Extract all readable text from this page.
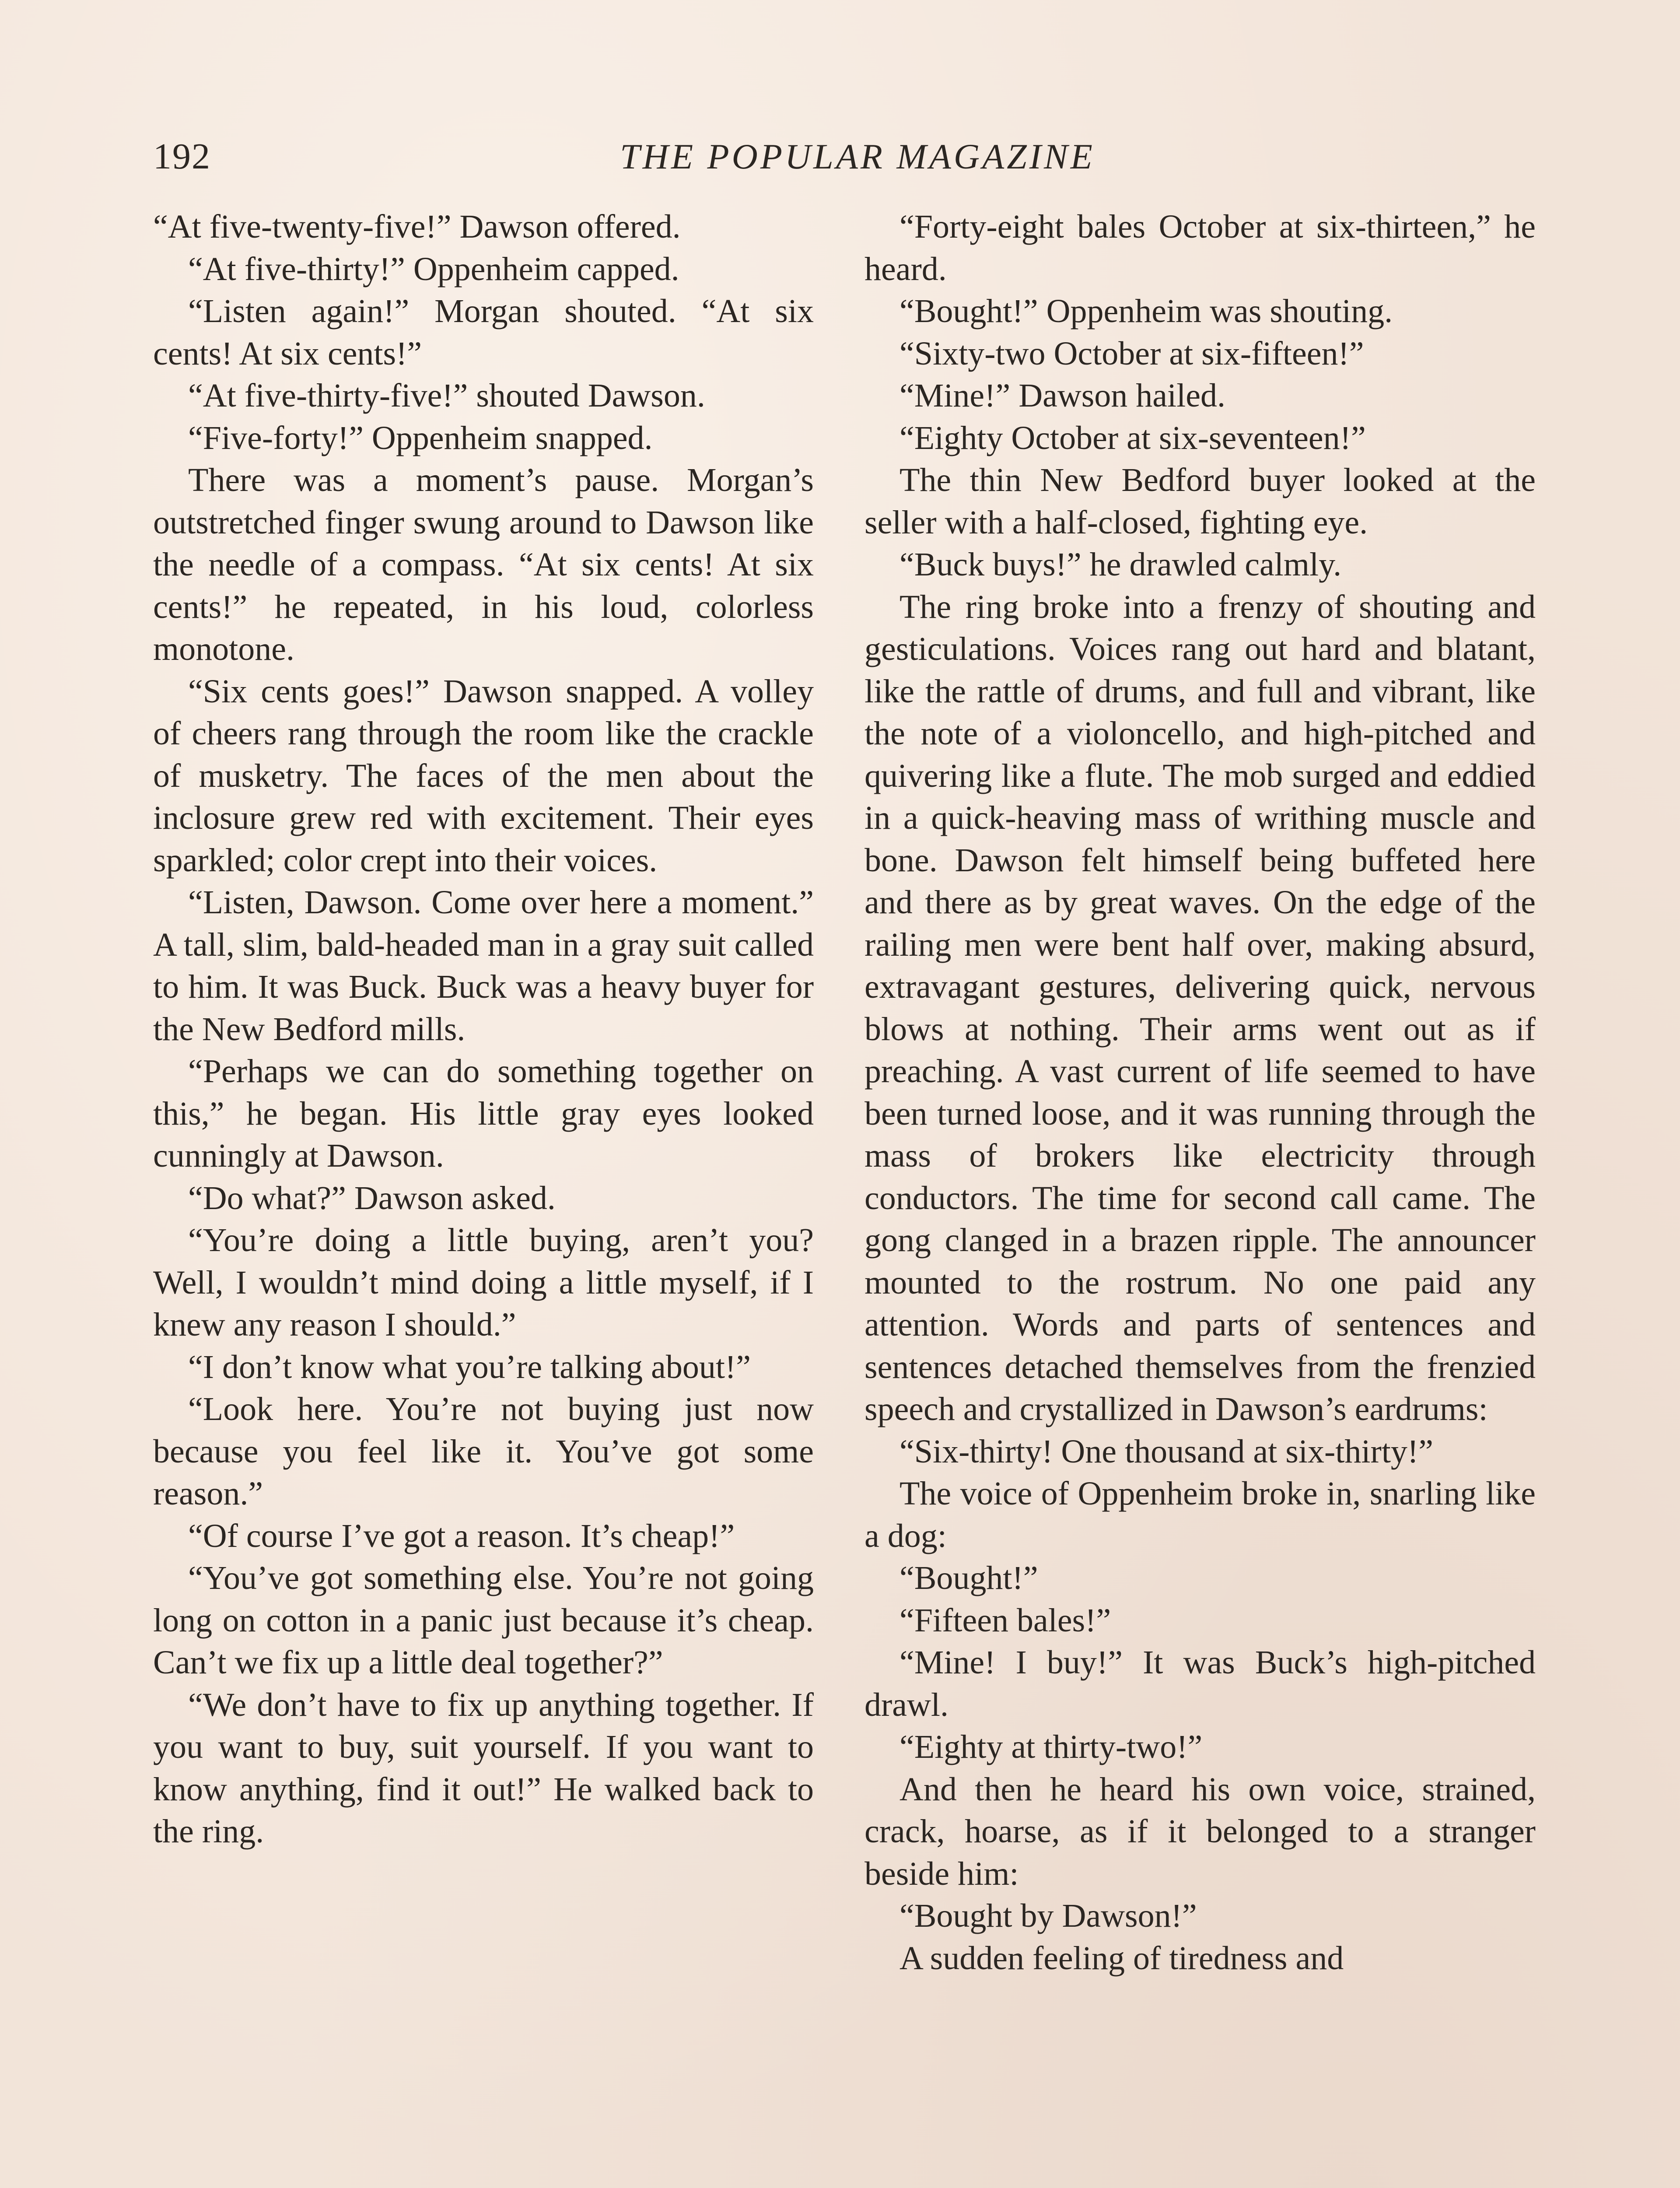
192	THE POPULAR MAGAZINE

“At five-twenty-five!” Dawson offered.

“At five-thirty!” Oppenheim capped.

“Listen again!” Morgan shouted. “At six cents! At six cents!”

“At five-thirty-five!” shouted Dawson.

“Five-forty!” Oppenheim snapped.

There was a moment’s pause. Morgan’s outstretched finger swung around to Dawson like the needle of a compass. “At six cents! At six cents!” he repeated, in his loud, colorless monotone.

“Six cents goes!” Dawson snapped. A volley of cheers rang through the room like the crackle of musketry. The faces of the men about the inclosure grew red with excitement. Their eyes sparkled; color crept into their voices.

“Listen, Dawson. Come over here a moment.” A tall, slim, bald-headed man in a gray suit called to him. It was Buck. Buck was a heavy buyer for the New Bedford mills.

“Perhaps we can do something together on this,” he began. His little gray eyes looked cunningly at Dawson.

“Do what?” Dawson asked.

“You’re doing a little buying, aren’t you? Well, I wouldn’t mind doing a little myself, if I knew any reason I should.”

“I don’t know what you’re talking about!”

“Look here. You’re not buying just now because you feel like it. You’ve got some reason.”

“Of course I’ve got a reason. It’s cheap!”

“You’ve got something else. You’re not going long on cotton in a panic just because it’s cheap. Can’t we fix up a little deal together?”

“We don’t have to fix up anything together. If you want to buy, suit yourself. If you want to know anything, find it out!” He walked back to the ring.

“Forty-eight bales October at six-thirteen,” he heard.

“Bought!” Oppenheim was shouting.

“Sixty-two October at six-fifteen!”

“Mine!” Dawson hailed.

“Eighty October at six-seventeen!”

The thin New Bedford buyer looked at the seller with a half-closed, fighting eye.

“Buck buys!” he drawled calmly.

The ring broke into a frenzy of shouting and gesticulations. Voices rang out hard and blatant, like the rattle of drums, and full and vibrant, like the note of a violoncello, and high-pitched and quivering like a flute. The mob surged and eddied in a quick-heaving mass of writhing muscle and bone. Dawson felt himself being buffeted here and there as by great waves. On the edge of the railing men were bent half over, making absurd, extravagant gestures, delivering quick, nervous blows at nothing. Their arms went out as if preaching. A vast current of life seemed to have been turned loose, and it was running through the mass of brokers like electricity through conductors. The time for second call came. The gong clanged in a brazen ripple. The announcer mounted to the rostrum. No one paid any attention. Words and parts of sentences and sentences detached themselves from the frenzied speech and crystallized in Dawson’s eardrums:

“Six-thirty! One thousand at six-thirty!”

The voice of Oppenheim broke in, snarling like a dog:

“Bought!”

“Fifteen bales!”

“Mine! I buy!” It was Buck’s high-pitched drawl.

“Eighty at thirty-two!”

And then he heard his own voice, strained, crack, hoarse, as if it belonged to a stranger beside him:

“Bought by Dawson!”

A sudden feeling of tiredness and
